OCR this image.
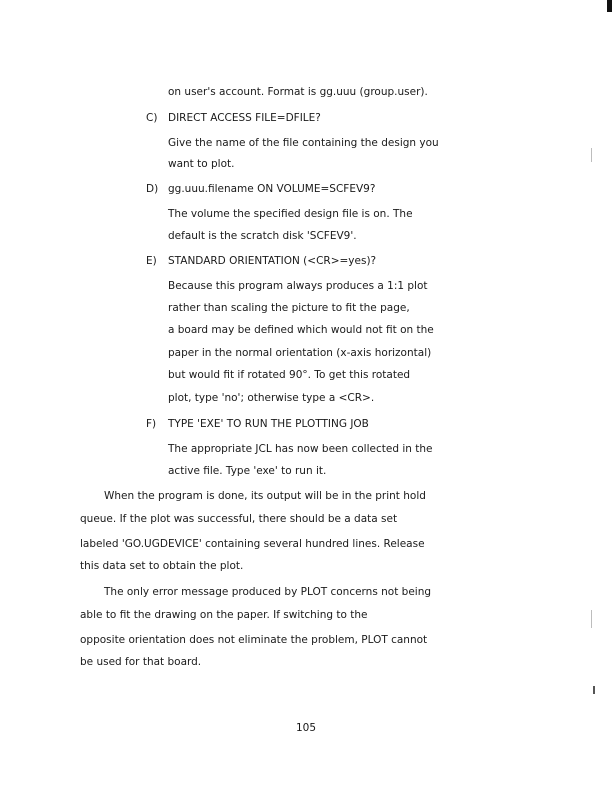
on user's account. Format is gg.uuu (group.user).
C) DIRECT ACCESS FILE=DFILE?
Give the name of the file containing the design you
want to plot.
D) gg.uuu.filename ON VOLUME=SCFEV9?
The volume the specified design file is on. The
default is the scratch disk 'SCFEV9'.
E) STANDARD ORIENTATION (<CR>=yes)?
Because this program always produces a 1:1 plot
rather than scaling the picture to fit the page,
a board may be defined which would not fit on the
paper in the normal orientation (x-axis horizontal)
but would fit if rotated 90°. To get this rotated
plot, type 'no'; otherwise type a <CR>.
F) TYPE 'EXE' TO RUN THE PLOTTING JOB
The appropriate JCL has now been collected in the
active file. Type 'exe' to run it.
When the program is done, its output will be in the print hold
queue. If the plot was successful, there should be a data set
labeled 'GO.UGDEVICE' containing several hundred lines. Release
this data set to obtain the plot.
The only error message produced by PLOT concerns not being
able to fit the drawing on the paper. If switching to the
opposite orientation does not eliminate the problem, PLOT cannot
be used for that board.
105
